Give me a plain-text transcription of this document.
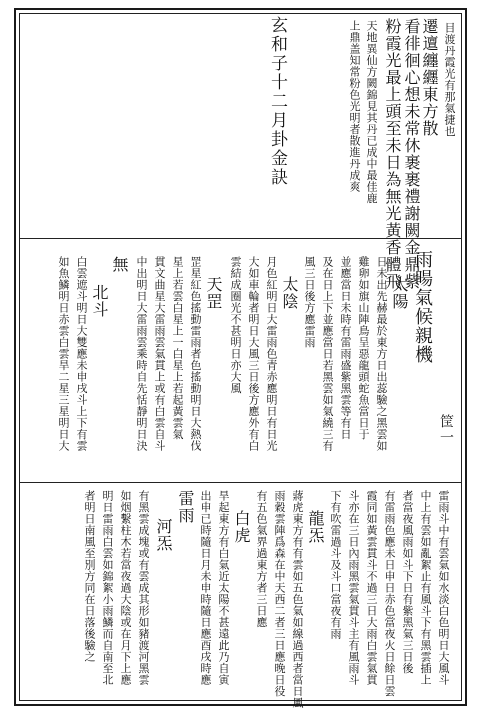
目渡丹霞光有那氣捷也
遷邅纏纒東方散
看徘徊心想未常休裹裹禮謝闕金鼎紫
粉霞光最上頭至未日為無光黃香體飛
天地異仙方闕錦見其丹已成中最佳鹿
上鼎盖知常粉色光明者散進丹成爽
玄和子十二月卦金訣
筐一
雨暘氣候親機
太陽
日未出先赫最於東方日出蕊驗之黑雲如
雞卵如旗山陣鳥呈惡龍頭蛇魚當日于
並應當日未時有雷雨盛紫黑雲等有日
及在日上下並應當日若黑雲如氣繞三有
風三日後方應雷雨
太陰
月色紅明日大雷雨色青赤應明日有日光
大如車輪者明日大風三日後方應外有白
雲結成圈光不甚明日亦大風
天罡
罡星紅色搖動雷雨者色搖動明日大熱伐
星上若雲白星上一白星上若起黃雲氣
貫文曲星大雷雨雲氣貫上或有白雲自斗
中出明日大雷雨雲乘時自先恬靜明日決
無
北斗
白雲遮斗明日大雙應未申戌斗上下有雲
如魚鱗明日赤雲白雲旱二星三星明日大
雷雨斗中有雲氣如水淡白色明日大風斗
中上有雲如亂絮止有風斗下有黑雲插上
者當夜風雨如斗下日有紫黑氣三日後
有雷雨色應未日申日赤色當夜火日餘日雲
霞同如黃雲貫斗不過三日大雨白雲氣貫
斗亦在三日內雨黑雲氣貫斗主有風雨斗
下有吹雷過斗及斗口當夜有雨
龍炁
蔣虎東方有有雲如五色氣如線過西者當日風
雨穀雲陣爲森在中天西二者三日應晚日役
有五色氣界過東方者三日應
白虎
旱起東方有白氣近太陽不甚遠此乃自寅
出申已時隨日月未申時隨日應酉戌時應
雷雨
河炁
有黑雲成塊或有雲成其形如豬渡河黑雲
如烟繫柱木若當夜過大陰或在月下上應
明日雷雨白雲如錦絮小雨鱗而自南至北
者明日南風至別方同在日落後驗之
